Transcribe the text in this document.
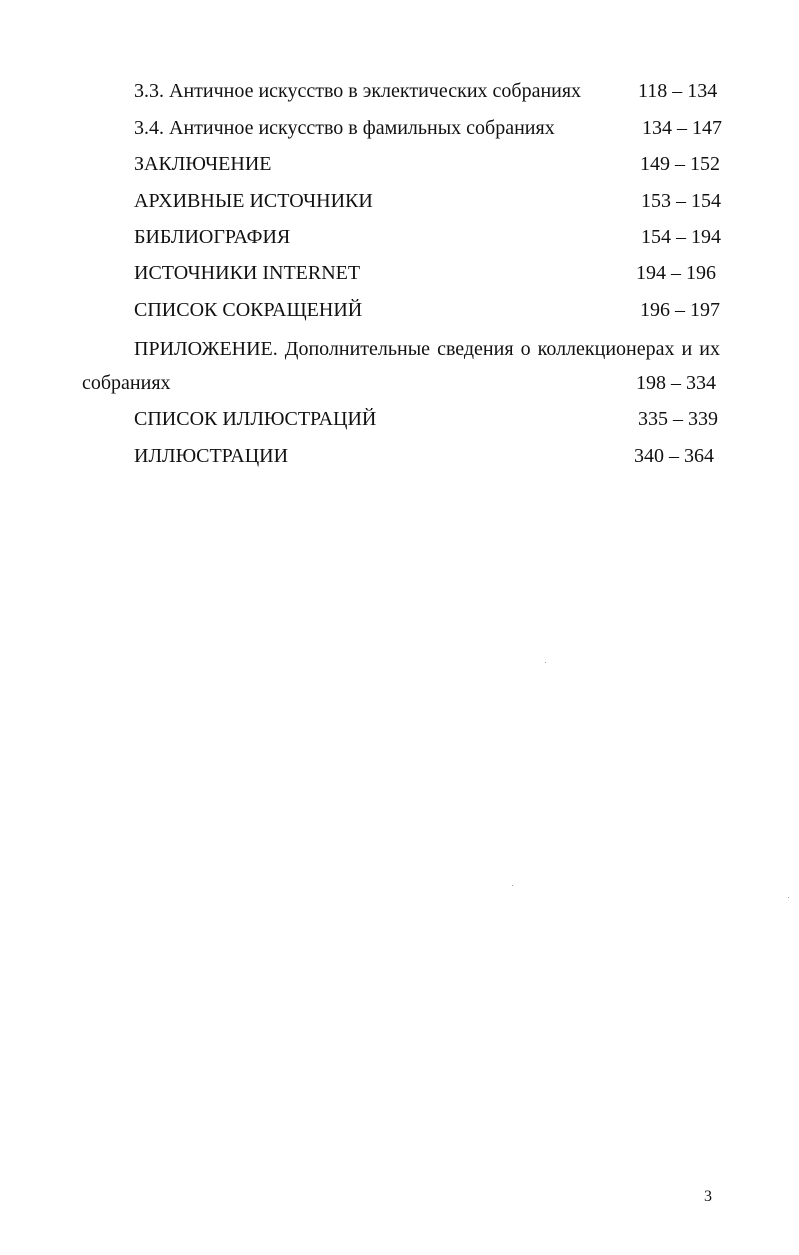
3.3. Античное искусство в эклектических собраниях	118 – 134
3.4. Античное искусство в фамильных собраниях	134 – 147
ЗАКЛЮЧЕНИЕ	149 – 152
АРХИВНЫЕ ИСТОЧНИКИ	153 – 154
БИБЛИОГРАФИЯ	154 – 194
ИСТОЧНИКИ INTERNET	194 – 196
СПИСОК СОКРАЩЕНИЙ	196 – 197
ПРИЛОЖЕНИЕ. Дополнительные сведения о коллекционерах и их
собраниях	198 – 334
СПИСОК ИЛЛЮСТРАЦИЙ	335 – 339
ИЛЛЮСТРАЦИИ	340 – 364
3
